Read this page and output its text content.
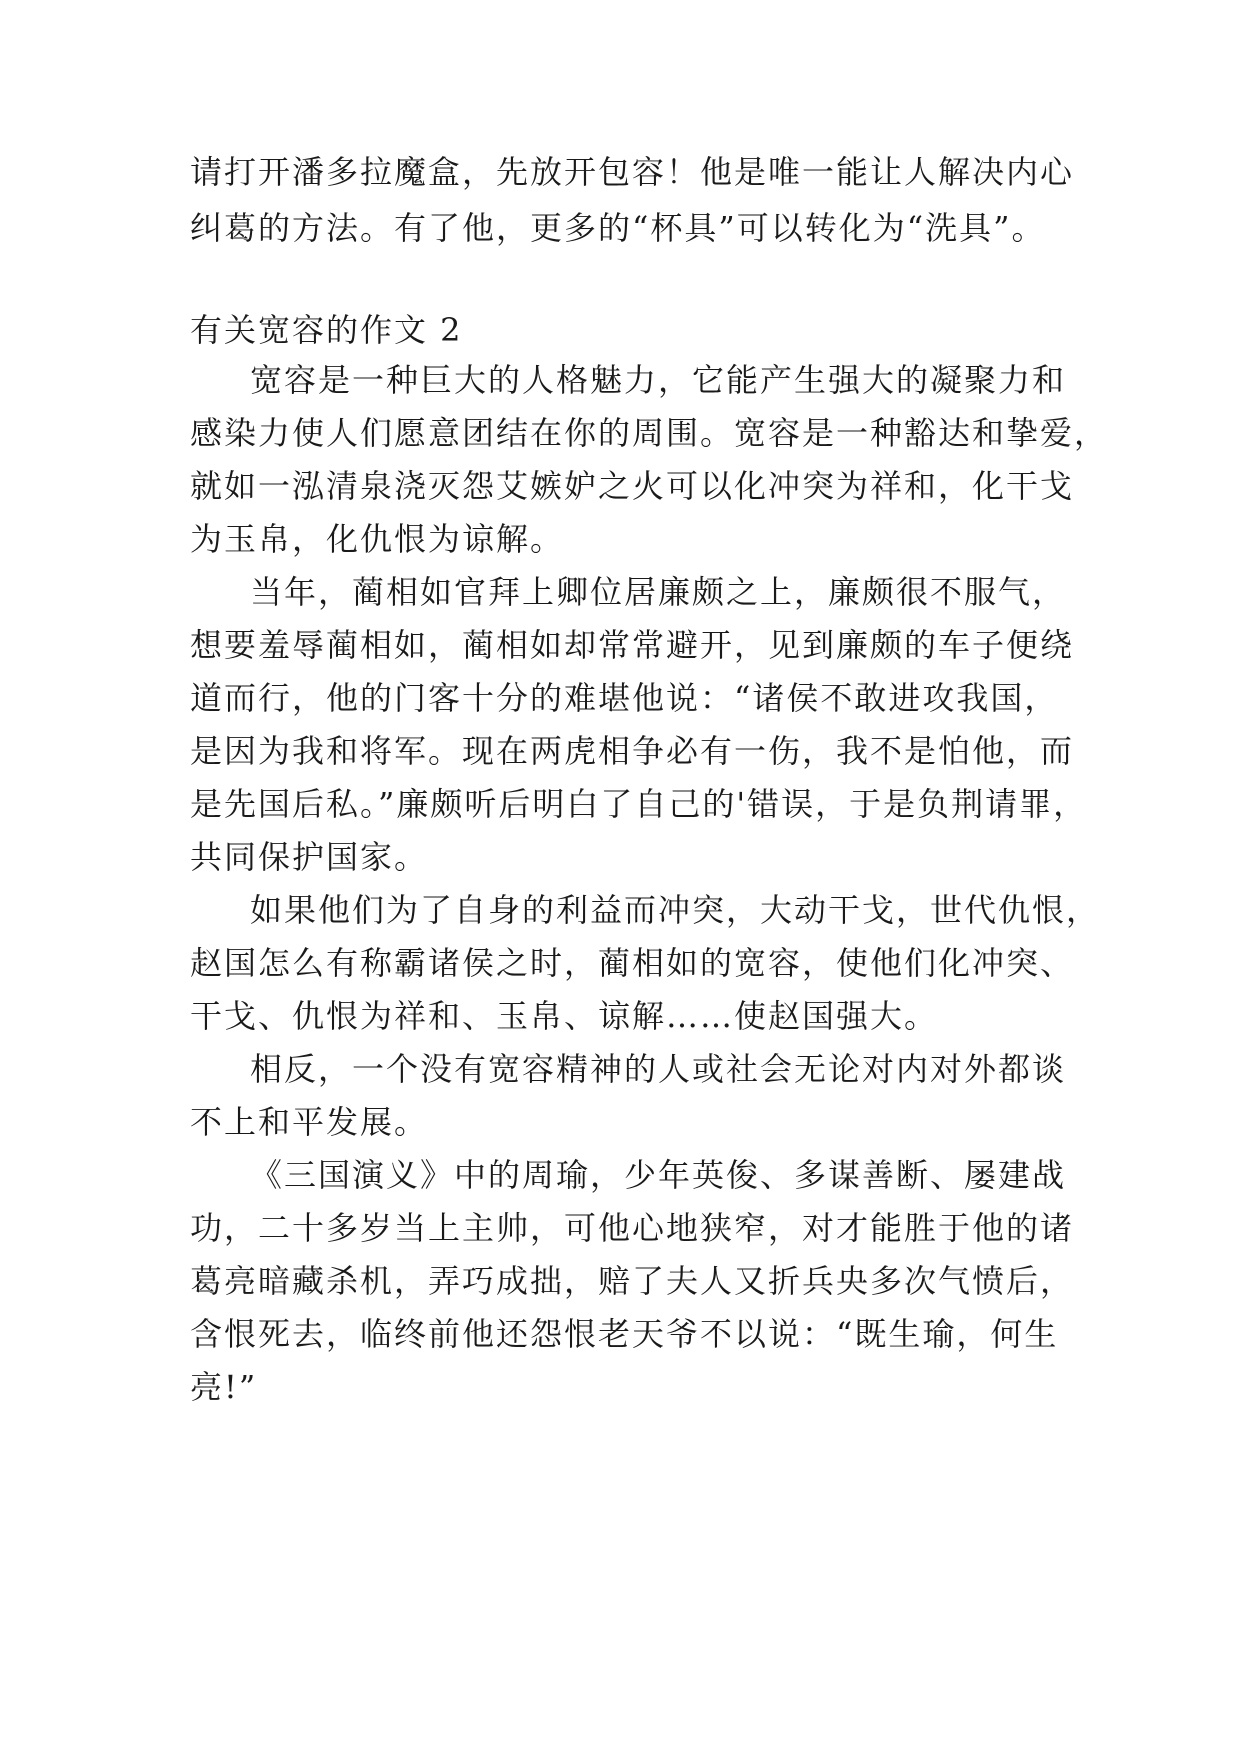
请打开潘多拉魔盒，先放开包容！他是唯一能让人解决内心
纠葛的方法。有了他，更多的“杯具”可以转化为“洗具”。
有关宽容的作文 2
宽容是一种巨大的人格魅力，它能产生强大的凝聚力和
感染力使人们愿意团结在你的周围。宽容是一种豁达和挚爱，
就如一泓清泉浇灭怨艾嫉妒之火可以化冲突为祥和，化干戈
为玉帛，化仇恨为谅解。
当年，蔺相如官拜上卿位居廉颇之上，廉颇很不服气，
想要羞辱蔺相如，蔺相如却常常避开，见到廉颇的车子便绕
道而行，他的门客十分的难堪他说：“诸侯不敢进攻我国，
是因为我和将军。现在两虎相争必有一伤，我不是怕他，而
是先国后私。”廉颇听后明白了自己的'错误，于是负荆请罪，
共同保护国家。
如果他们为了自身的利益而冲突，大动干戈，世代仇恨，
赵国怎么有称霸诸侯之时，蔺相如的宽容，使他们化冲突、
干戈、仇恨为祥和、玉帛、谅解……使赵国强大。
相反，一个没有宽容精神的人或社会无论对内对外都谈
不上和平发展。
《三国演义》中的周瑜，少年英俊、多谋善断、屡建战
功，二十多岁当上主帅，可他心地狭窄，对才能胜于他的诸
葛亮暗藏杀机，弄巧成拙，赔了夫人又折兵央多次气愤后，
含恨死去，临终前他还怨恨老天爷不以说：“既生瑜，何生
亮!”
